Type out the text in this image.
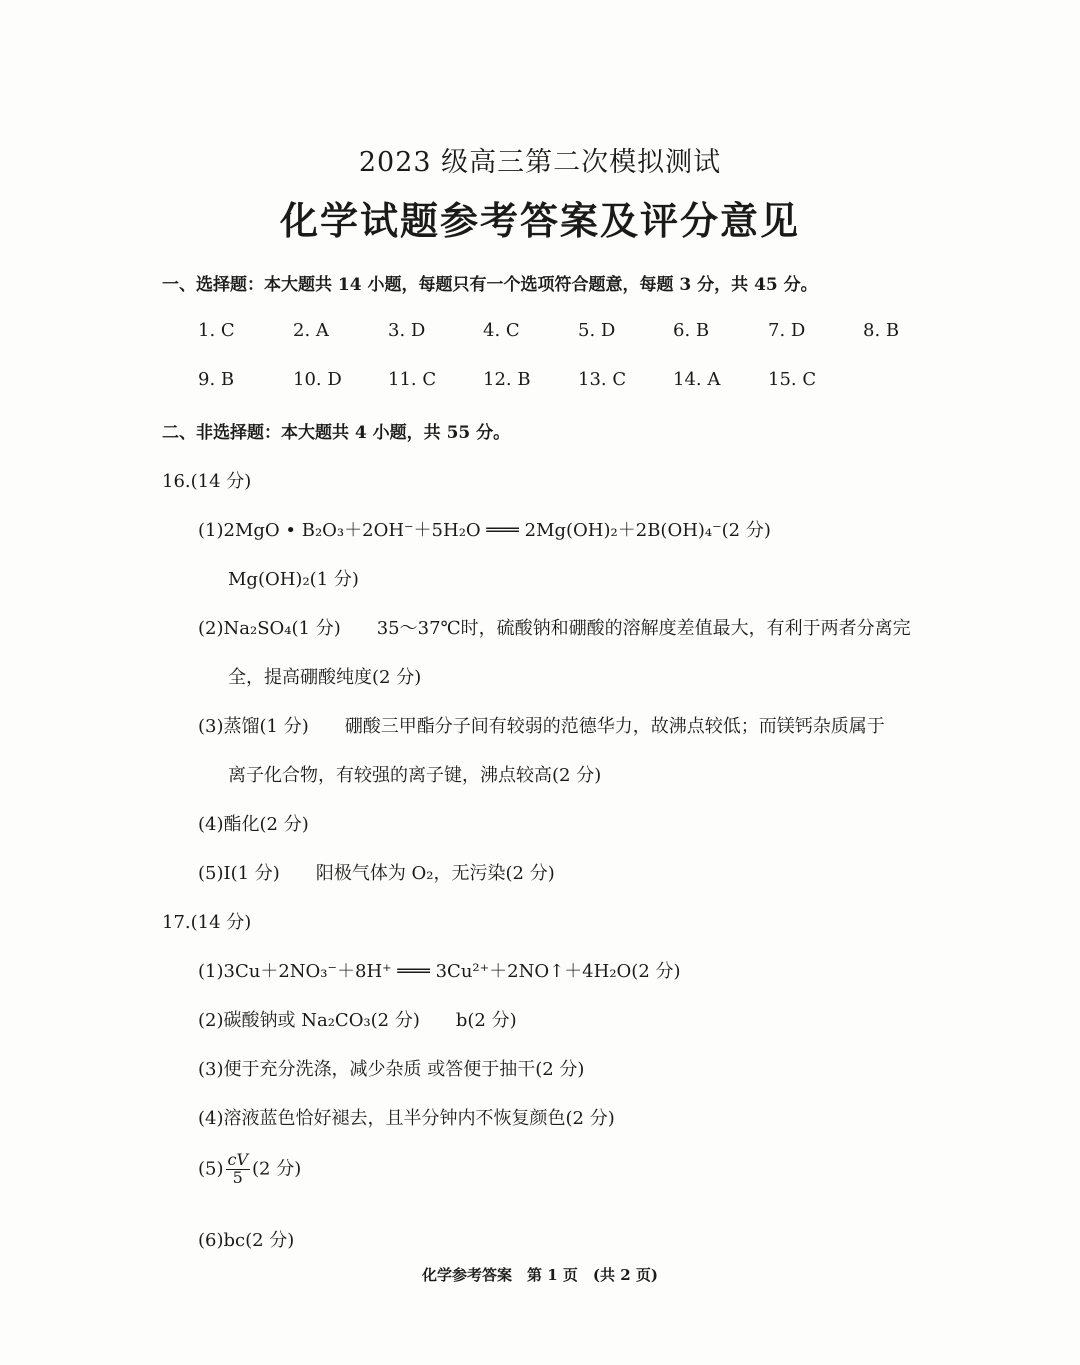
2023 级高三第二次模拟测试
化学试题参考答案及评分意见
一、选择题：本大题共 14 小题，每题只有一个选项符合题意，每题 3 分，共 45 分。
1. C	2. A	3. D	4. C	5. D	6. B	7. D	8. B
9. B	10. D	11. C	12. B	13. C	14. A	15. C
二、非选择题：本大题共 4 小题，共 55 分。
16.(14 分)
(1)2MgO • B₂O₃＋2OH⁻＋5H₂O ═══ 2Mg(OH)₂＋2B(OH)₄⁻(2 分)
Mg(OH)₂(1 分)
(2)Na₂SO₄(1 分)　　35～37℃时，硫酸钠和硼酸的溶解度差值最大，有利于两者分离完
全，提高硼酸纯度(2 分)
(3)蒸馏(1 分)　　硼酸三甲酯分子间有较弱的范德华力，故沸点较低；而镁钙杂质属于
离子化合物，有较强的离子键，沸点较高(2 分)
(4)酯化(2 分)
(5)I(1 分)　　阳极气体为 O₂，无污染(2 分)
17.(14 分)
(1)3Cu＋2NO₃⁻＋8H⁺ ═══ 3Cu²⁺＋2NO↑＋4H₂O(2 分)
(2)碳酸钠或 Na₂CO₃(2 分)　　b(2 分)
(3)便于充分洗涤，减少杂质 或答便于抽干(2 分)
(4)溶液蓝色恰好褪去，且半分钟内不恢复颜色(2 分)
$(5) \frac{cV}{5} (2$ 分)
(6)bc(2 分)
化学参考答案　第 1 页　(共 2 页)
